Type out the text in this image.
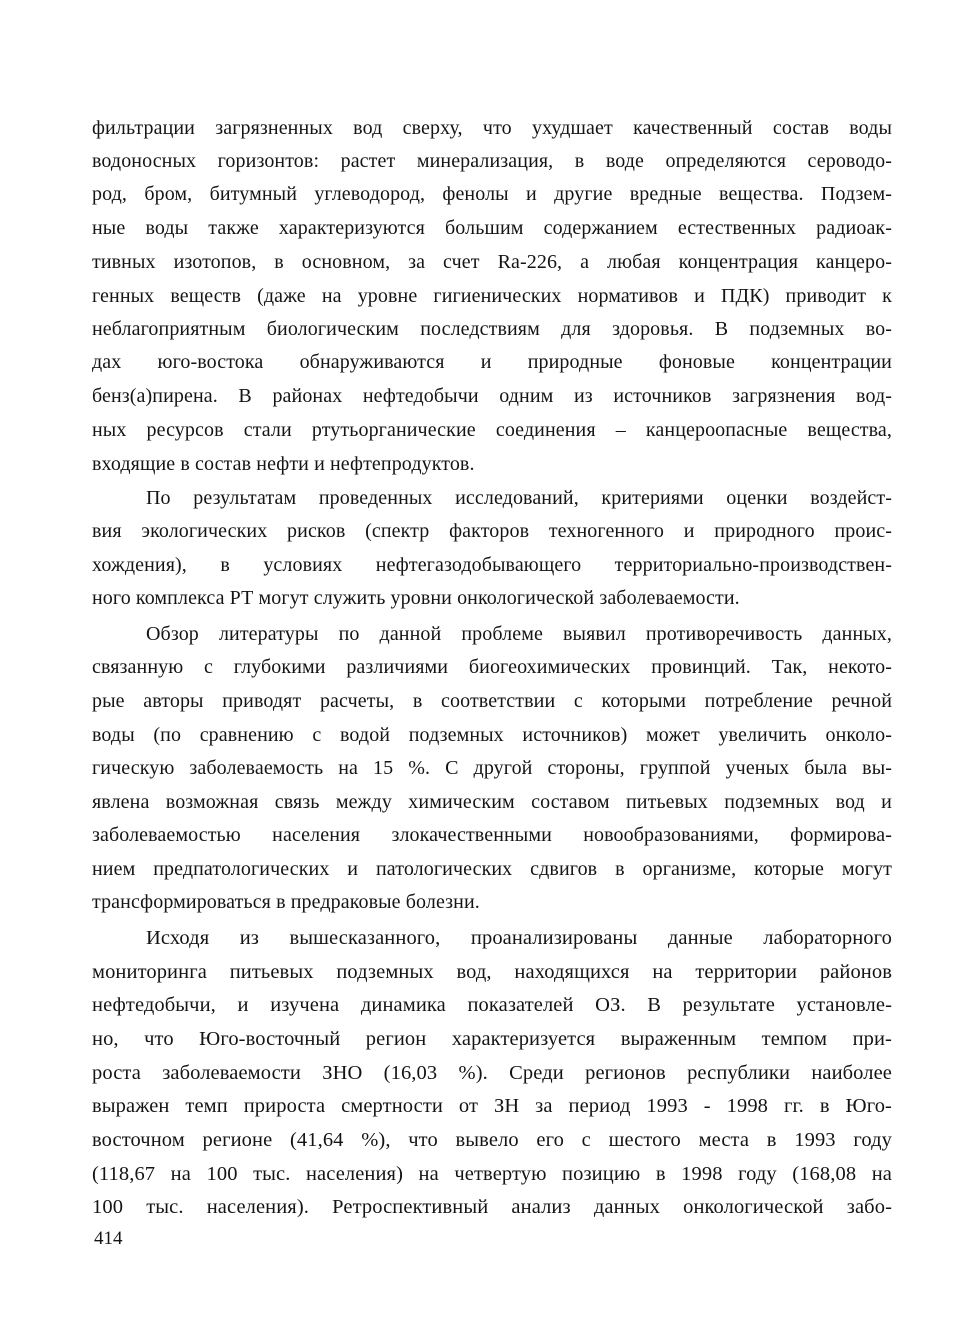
фильтрации загрязненных вод сверху, что ухудшает качественный состав воды
водоносных горизонтов: растет минерализация, в воде определяются сероводо-
род, бром, битумный углеводород, фенолы и другие вредные вещества. Подзем-
ные воды также характеризуются большим содержанием естественных радиоак-
тивных изотопов, в основном, за счет Ra-226, а любая концентрация канцеро-
генных веществ (даже на уровне гигиенических нормативов и ПДК) приводит к
неблагоприятным биологическим последствиям для здоровья. В подземных во-
дах юго-востока обнаруживаются и природные фоновые концентрации
бенз(а)пирена. В районах нефтедобычи одним из источников загрязнения вод-
ных ресурсов стали ртутьорганические соединения – канцероопасные вещества,
входящие в состав нефти и нефтепродуктов.
По результатам проведенных исследований, критериями оценки воздейст-
вия экологических рисков (спектр факторов техногенного и природного проис-
хождения), в условиях нефтегазодобывающего территориально-производствен-
ного комплекса РТ могут служить уровни онкологической заболеваемости.
Обзор литературы по данной проблеме выявил противоречивость данных,
связанную с глубокими различиями биогеохимических провинций. Так, некото-
рые авторы приводят расчеты, в соответствии с которыми потребление речной
воды (по сравнению с водой подземных источников) может увеличить онколо-
гическую заболеваемость на 15 %. С другой стороны, группой ученых была вы-
явлена возможная связь между химическим составом питьевых подземных вод и
заболеваемостью населения злокачественными новообразованиями, формирова-
нием предпатологических и патологических сдвигов в организме, которые могут
трансформироваться в предраковые болезни.
Исходя из вышесказанного, проанализированы данные лабораторного
мониторинга питьевых подземных вод, находящихся на территории районов
нефтедобычи, и изучена динамика показателей ОЗ. В результате установле-
но, что Юго-восточный регион характеризуется выраженным темпом при-
роста заболеваемости ЗНО (16,03 %). Среди регионов республики наиболее
выражен темп прироста смертности от ЗН за период 1993 - 1998 гг. в Юго-
восточном регионе (41,64 %), что вывело его с шестого места в 1993 году
(118,67 на 100 тыс. населения) на четвертую позицию в 1998 году (168,08 на
100 тыс. населения). Ретроспективный анализ данных онкологической забо-
414
